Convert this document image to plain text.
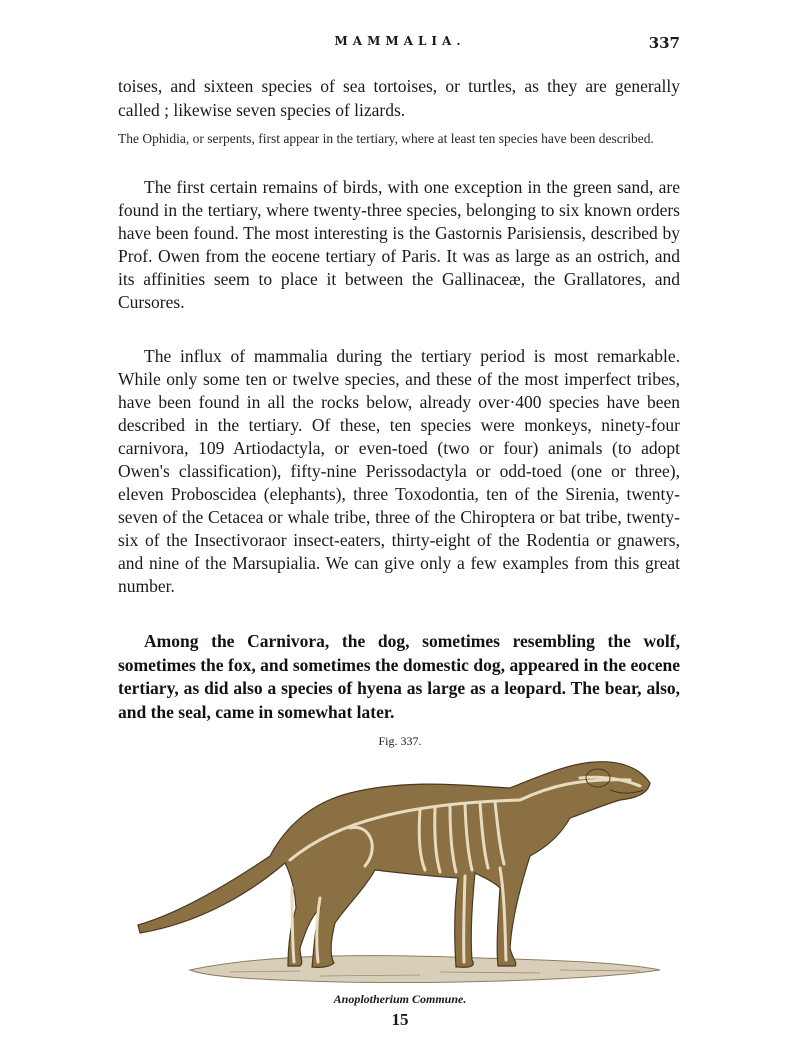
MAMMALIA.	337

toises, and sixteen species of sea tortoises, or turtles, as they are generally called ; likewise seven species of lizards.

The Ophidia, or serpents, first appear in the tertiary, where at least ten species have been described.

The first certain remains of birds, with one exception in the green sand, are found in the tertiary, where twenty-three species, belonging to six known orders have been found. The most interesting is the Gastornis Parisiensis, described by Prof. Owen from the eocene tertiary of Paris. It was as large as an ostrich, and its affinities seem to place it between the Gallinaceæ, the Grallatores, and Cursores.

The influx of mammalia during the tertiary period is most remarkable. While only some ten or twelve species, and these of the most imperfect tribes, have been found in all the rocks below, already over·400 species have been described in the tertiary. Of these, ten species were monkeys, ninety-four carnivora, 109 Artiodactyla, or even-toed (two or four) animals (to adopt Owen's classification), fifty-nine Perissodactyla or odd-toed (one or three), eleven Proboscidea (elephants), three Toxodontia, ten of the Sirenia, twenty-seven of the Cetacea or whale tribe, three of the Chiroptera or bat tribe, twenty-six of the Insectivoraor insect-eaters, thirty-eight of the Rodentia or gnawers, and nine of the Marsupialia. We can give only a few examples from this great number.

Among the Carnivora, the dog, sometimes resembling the wolf, sometimes the fox, and sometimes the domestic dog, appeared in the eocene tertiary, as did also a species of hyena as large as a leopard. The bear, also, and the seal, came in somewhat later.

Fig. 337.
Anoplotherium Commune.
15
